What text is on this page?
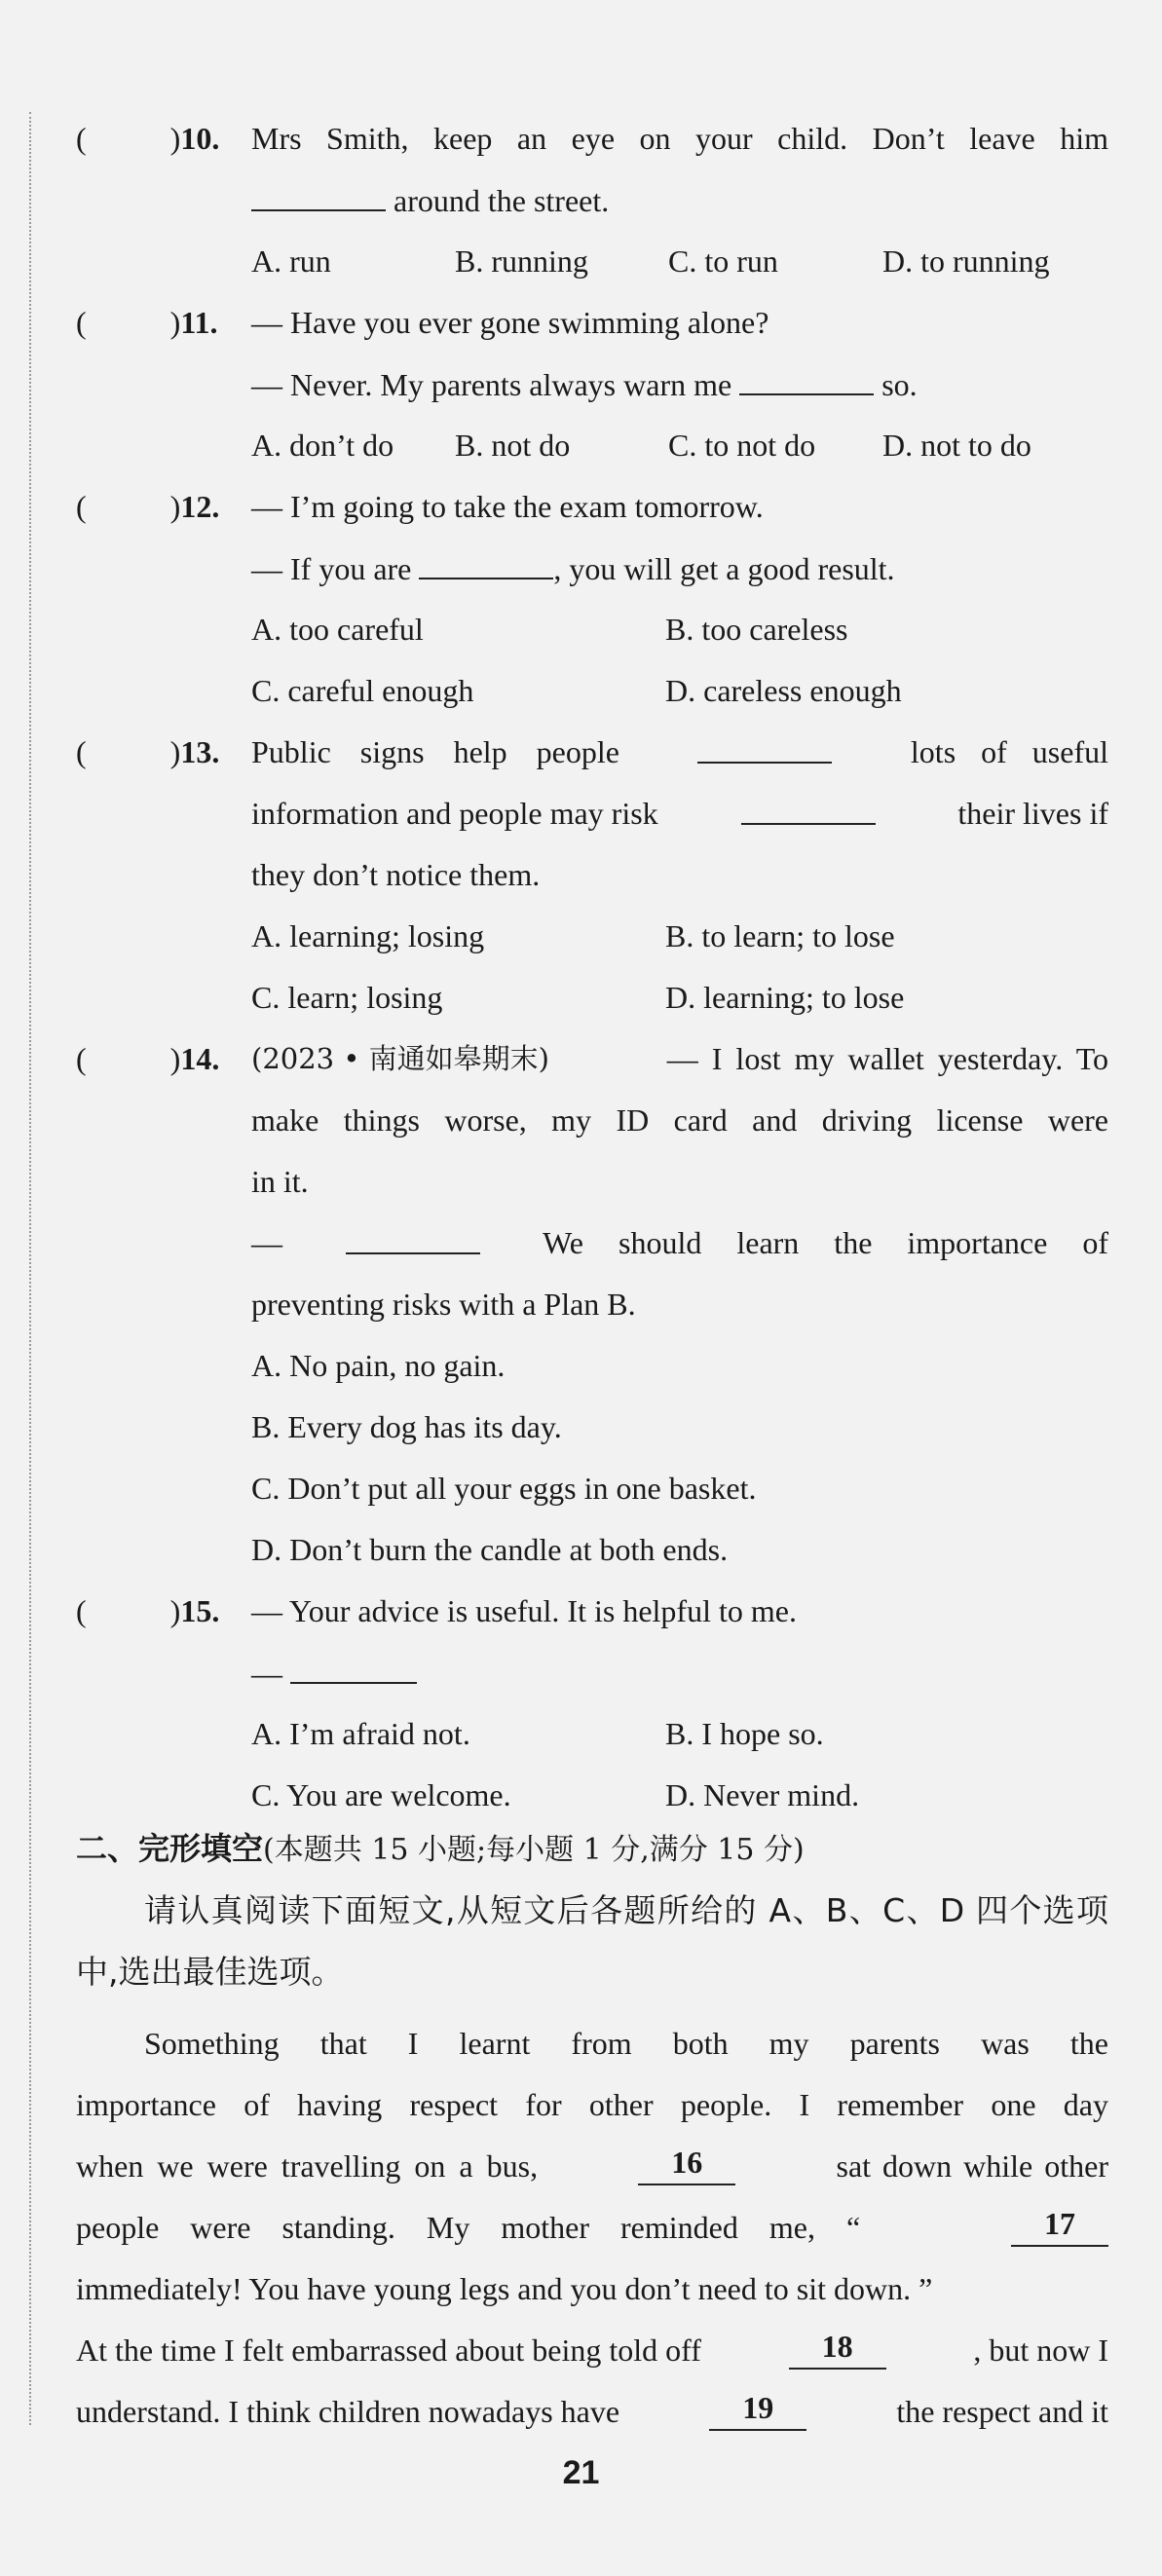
(	)10. Mrs Smith, keep an eye on your child. Don’t leave him
around the street.
A. run	B. running	C. to run	D. to running
(	)11. — Have you ever gone swimming alone?
— Never. My parents always warn me	so.
A. don’t do B. not do	C. to not do D. not to do
(	)12. — I’m going to take the exam tomorrow.
— If you are	, you will get a good result.
A. too careful	B. too careless
C. careful enough	D. careless enough
(	)13. Public signs help people	lots of useful
information and people may risk	their lives if
they don’t notice them.
A. learning; losing	B. to learn; to lose
C. learn; losing	D. learning; to lose
(	)14. (2023 • 南通如皋期末)	— I lost my wallet yesterday. To
make things worse, my ID card and driving license were
in it.
—	We should learn the importance of
preventing risks with a Plan B.
A. No pain, no gain.
B. Every dog has its day.
C. Don’t put all your eggs in one basket.
D. Don’t burn the candle at both ends.
(	)15. — Your advice is useful. It is helpful to me.
—
A. I’m afraid not.	B. I hope so.
C. You are welcome.	D. Never mind.
二、完形填空(本题共 15 小题;每小题 1 分,满分 15 分)
请认真阅读下面短文,从短文后各题所给的 A、B、C、D 四个选项
中,选出最佳选项。
Something that I learnt from both my parents was the
importance of having respect for other people. I remember one day
when we were travelling on a bus,	16	sat down while other
people were standing. My mother reminded me, “	17
immediately! You have young legs and you don’t need to sit down. ”
At the time I felt embarrassed about being told off	18	, but now I
understand. I think children nowadays have	19	the respect and it
21
